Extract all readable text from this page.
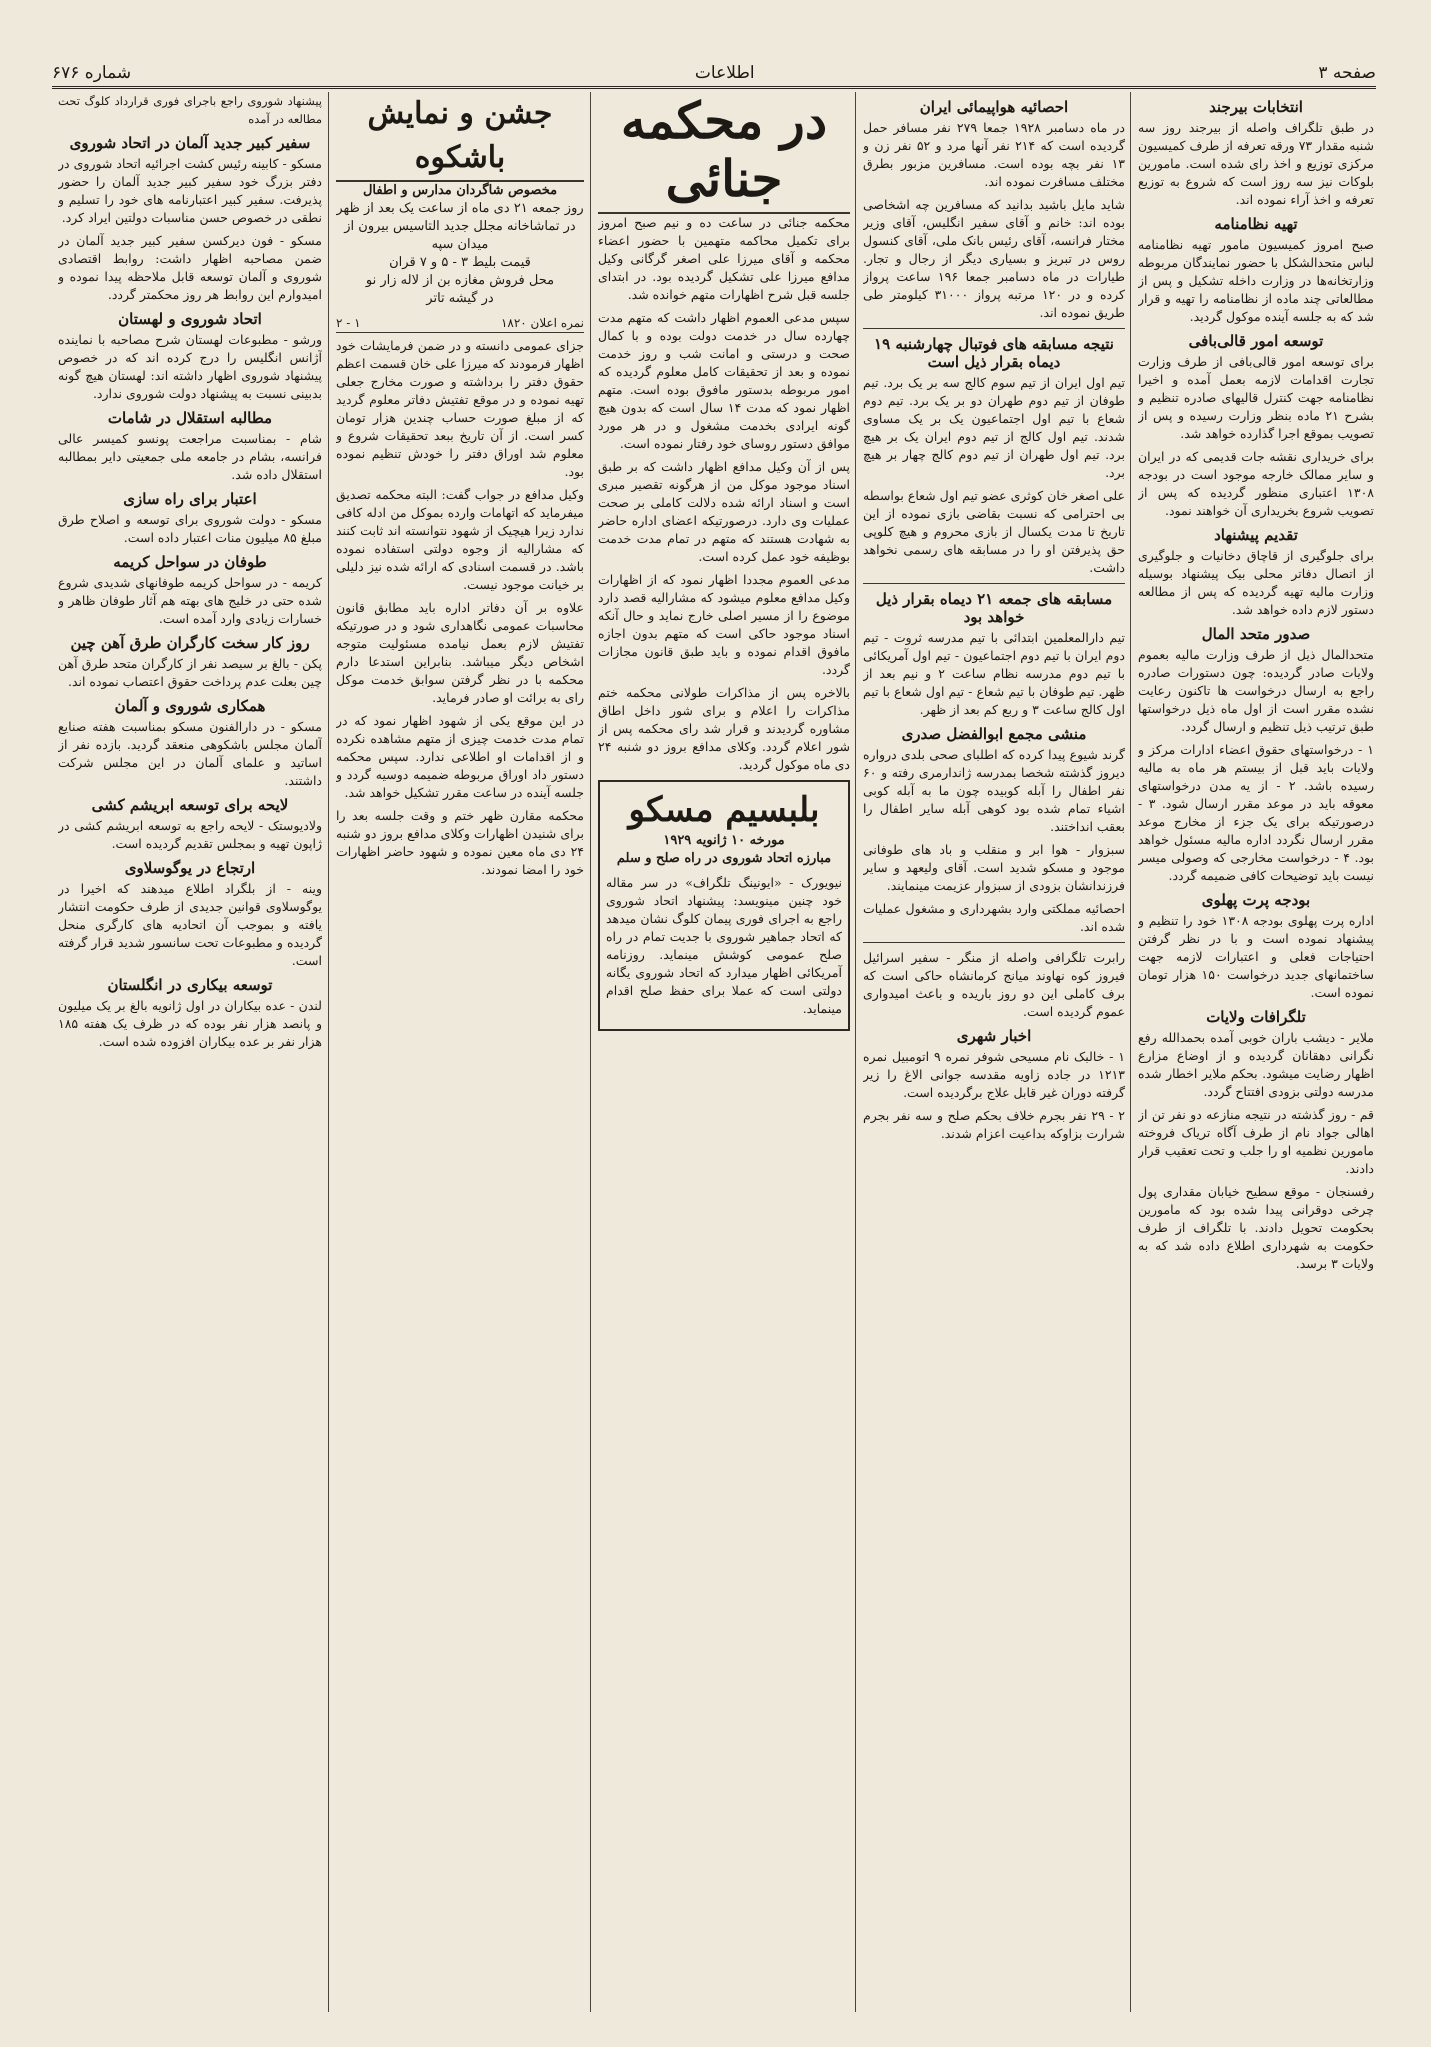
صفحه ۳
اطلاعات
شماره ۶۷۶
انتخابات بیرجند

در طبق تلگراف واصله از بیرجند روز سه شنبه مقدار ۷۳ ورقه تعرفه از طرف کمیسیون مرکزی توزیع و اخذ رای شده است. مامورین بلوکات نیز سه روز است که شروع به توزیع تعرفه و اخذ آراء نموده اند.

تهیه نظامنامه

صبح امروز کمیسیون مامور تهیه نظامنامه لباس متحدالشکل با حضور نمایندگان مربوطه وزارتخانه‌ها در وزارت داخله تشکیل و پس از مطالعاتی چند ماده از نظامنامه را تهیه و قرار شد که به جلسه آینده موکول گردید.

توسعه امور قالی‌بافی

برای توسعه امور قالی‌بافی از طرف وزارت تجارت اقدامات لازمه بعمل آمده و اخیرا نظامنامه جهت کنترل قالیهای صادره تنظیم و بشرح ۲۱ ماده بنظر وزارت رسیده و پس از تصویب بموقع اجرا گذارده خواهد شد.

برای خریداری نقشه جات قدیمی که در ایران و سایر ممالک خارجه موجود است در بودجه ۱۳۰۸ اعتباری منظور گردیده که پس از تصویب شروع بخریداری آن خواهند نمود.

تقدیم پیشنهاد

برای جلوگیری از قاچاق دخانیات و جلوگیری از اتصال دفاتر محلی بیک پیشنهاد بوسیله وزارت مالیه تهیه گردیده که پس از مطالعه دستور لازم داده خواهد شد.

صدور متحد المال

متحدالمال ذیل از طرف وزارت مالیه بعموم ولایات صادر گردیده: چون دستورات صادره راجع به ارسال درخواست ها تاکنون رعایت نشده مقرر است از اول ماه ذیل درخواستها طبق ترتیب ذیل تنظیم و ارسال گردد.

۱ - درخواستهای حقوق اعضاء ادارات مرکز و ولایات باید قبل از بیستم هر ماه به مالیه رسیده باشد. ۲ - از یه مدن درخواستهای معوقه باید در موعد مقرر ارسال شود. ۳ - درصورتیکه برای یک جزء از مخارج موعد مقرر ارسال نگردد اداره مالیه مسئول خواهد بود. ۴ - درخواست مخارجی که وصولی میسر نیست باید توضیحات کافی ضمیمه گردد.

بودجه پرت پهلوی

اداره پرت پهلوی بودجه ۱۳۰۸ خود را تنظیم و پیشنهاد نموده است و با در نظر گرفتن احتیاجات فعلی و اعتبارات لازمه جهت ساختمانهای جدید درخواست ۱۵۰ هزار تومان نموده است.

تلگرافات ولایات

ملایر - دیشب باران خوبی آمده بحمدالله رفع نگرانی دهقانان گردیده و از اوضاع مزارع اظهار رضایت میشود. بحکم ملایر اخطار شده مدرسه دولتی بزودی افتتاح گردد.

قم - روز گذشته در نتیجه منازعه دو نفر تن از اهالی جواد نام از طرف آگاه تریاک فروخته مامورین نظمیه او را جلب و تحت تعقیب قرار دادند.

رفسنجان - موقع سطیح خیابان مقداری پول چرخی دوقرانی پیدا شده بود که مامورین بحکومت تحویل دادند. با تلگراف از طرف حکومت به شهرداری اطلاع داده شد که به ولایات ۳ برسد.

احصائیه هواپیمائی ایران

در ماه دسامبر ۱۹۲۸ جمعا ۲۷۹ نفر مسافر حمل گردیده است که ۲۱۴ نفر آنها مرد و ۵۲ نفر زن و ۱۳ نفر بچه بوده است. مسافرین مزبور بطرق مختلف مسافرت نموده اند.

شاید مایل باشید بدانید که مسافرین چه اشخاصی بوده اند: خانم و آقای سفیر انگلیس، آقای وزیر مختار فرانسه، آقای رئیس بانک ملی، آقای کنسول روس در تبریز و بسیاری دیگر از رجال و تجار. طیارات در ماه دسامبر جمعا ۱۹۶ ساعت پرواز کرده و در ۱۲۰ مرتبه پرواز ۳۱۰۰۰ کیلومتر طی طریق نموده اند.

نتیجه مسابقه های فوتبال چهارشنبه ۱۹ دیماه بقرار ذیل است

تیم اول ایران از تیم سوم کالج سه بر یک برد. تیم طوفان از تیم دوم طهران دو بر یک برد. تیم دوم شعاع با تیم اول اجتماعیون یک بر یک مساوی شدند. تیم اول کالج از تیم دوم ایران یک بر هیچ برد. تیم اول طهران از تیم دوم کالج چهار بر هیچ برد.

علی اصغر خان کوثری عضو تیم اول شعاع بواسطه بی احترامی که نسبت بقاضی بازی نموده از این تاریخ تا مدت یکسال از بازی محروم و هیچ کلوپی حق پذیرفتن او را در مسابقه های رسمی نخواهد داشت.

مسابقه های جمعه ۲۱ دیماه بقرار ذیل خواهد بود

تیم دارالمعلمین ابتدائی با تیم مدرسه ثروت - تیم دوم ایران با تیم دوم اجتماعیون - تیم اول آمریکائی با تیم دوم مدرسه نظام ساعت ۲ و نیم بعد از ظهر. تیم طوفان با تیم شعاع - تیم اول شعاع با تیم اول کالج ساعت ۳ و ربع کم بعد از ظهر.

منشی مجمع ابوالفضل صدری

گرند شیوع پیدا کرده که اطلبای صحی بلدی درواره دیروز گذشته شخصا بمدرسه ژاندارمری رفته و ۶۰ نفر اطفال را آبله کوبیده چون ما به آبله کوبی اشیاء تمام شده بود کوهی آبله سایر اطفال را بعقب انداختند.

سبزوار - هوا ابر و منقلب و باد های طوفانی موجود و مسکو شدید است. آقای ولیعهد و سایر فرزندانشان بزودی از سبزوار عزیمت مینمایند.

احصائیه مملکتی وارد بشهرداری و مشغول عملیات شده اند.

رابرت تلگرافی واصله از منگر - سفیر اسرائیل فیروز کوه نهاوند میانج کرمانشاه حاکی است که برف کاملی این دو روز باریده و باعث امیدواری عموم گردیده است.

اخبار شهری

۱ - خالبک نام مسیحی شوفر نمره ۹ اتومبیل نمره ۱۲۱۳ در جاده زاویه مقدسه جوانی الاغ را زیر گرفته دوران غیر قابل علاج برگردیده است.

۲ - ۲۹ نفر بجرم خلاف بحکم صلح و سه نفر بجرم شرارت بزاوکه بداعیت اعزام شدند.

در محکمه جنائی

محکمه جنائی در ساعت ده و نیم صبح امروز برای تکمیل محاکمه متهمین با حضور اعضاء محکمه و آقای میرزا علی اصغر گرگانی وکیل مدافع میرزا علی تشکیل گردیده بود. در ابتدای جلسه قبل شرح اظهارات متهم خوانده شد.

سپس مدعی العموم اظهار داشت که متهم مدت چهارده سال در خدمت دولت بوده و با کمال صحت و درستی و امانت شب و روز خدمت نموده و بعد از تحقیقات کامل معلوم گردیده که امور مربوطه بدستور مافوق بوده است. متهم اظهار نمود که مدت ۱۴ سال است که بدون هیچ گونه ایرادی بخدمت مشغول و در هر مورد موافق دستور روسای خود رفتار نموده است.

پس از آن وکیل مدافع اظهار داشت که بر طبق اسناد موجود موکل من از هرگونه تقصیر مبری است و اسناد ارائه شده دلالت کاملی بر صحت عملیات وی دارد. درصورتیکه اعضای اداره حاضر به شهادت هستند که متهم در تمام مدت خدمت بوظیفه خود عمل کرده است.

مدعی العموم مجددا اظهار نمود که از اظهارات وکیل مدافع معلوم میشود که مشارالیه قصد دارد موضوع را از مسیر اصلی خارج نماید و حال آنکه اسناد موجود حاکی است که متهم بدون اجازه مافوق اقدام نموده و باید طبق قانون مجازات گردد.

بالاخره پس از مذاکرات طولانی محکمه ختم مذاکرات را اعلام و برای شور داخل اطاق مشاوره گردیدند و قرار شد رای محکمه پس از شور اعلام گردد. وکلای مدافع بروز دو شنبه ۲۴ دی ماه موکول گردید.

بلبسیم مسکو
مورخه ۱۰ ژانویه ۱۹۲۹
مبارزه اتحاد شوروی در راه صلح و سلم

نیویورک - «ایونینگ تلگراف» در سر مقاله خود چنین مینویسد: پیشنهاد اتحاد شوروی راجع به اجرای فوری پیمان کلوگ نشان میدهد که اتحاد جماهیر شوروی با جدیت تمام در راه صلح عمومی کوشش مینماید. روزنامه آمریکائی اظهار میدارد که اتحاد شوروی یگانه دولتی است که عملا برای حفظ صلح اقدام مینماید.

جشن و نمایش باشکوه
مخصوص شاگردان مدارس و اطفال
روز جمعه ۲۱ دی ماه از ساعت یک بعد از ظهر
در تماشاخانه مجلل جدید التاسیس بیرون از میدان سپه
قیمت بلیط ۳ - ۵ و ۷ قران
محل فروش مغازه بن از لاله زار نو
در گیشه تاتر
نمره اعلان ۱۸۲۰
۱ - ۲

جزای عمومی دانسته و در ضمن فرمایشات خود اظهار فرمودند که میرزا علی خان قسمت اعظم حقوق دفتر را برداشته و صورت مخارج جعلی تهیه نموده و در موقع تفتیش دفاتر معلوم گردید که از مبلغ صورت حساب چندین هزار تومان کسر است. از آن تاریخ ببعد تحقیقات شروع و معلوم شد اوراق دفتر را خودش تنظیم نموده بود.

وکیل مدافع در جواب گفت: البته محکمه تصدیق میفرماید که اتهامات وارده بموکل من ادله کافی ندارد زیرا هیچیک از شهود نتوانسته اند ثابت کنند که مشارالیه از وجوه دولتی استفاده نموده باشد. در قسمت اسنادی که ارائه شده نیز دلیلی بر خیانت موجود نیست.

علاوه بر آن دفاتر اداره باید مطابق قانون محاسبات عمومی نگاهداری شود و در صورتیکه تفتیش لازم بعمل نیامده مسئولیت متوجه اشخاص دیگر میباشد. بنابراین استدعا دارم محکمه با در نظر گرفتن سوابق خدمت موکل رای به برائت او صادر فرماید.

در این موقع یکی از شهود اظهار نمود که در تمام مدت خدمت چیزی از متهم مشاهده نکرده و از اقدامات او اطلاعی ندارد. سپس محکمه دستور داد اوراق مربوطه ضمیمه دوسیه گردد و جلسه آینده در ساعت مقرر تشکیل خواهد شد.

محکمه مقارن ظهر ختم و وقت جلسه بعد را برای شنیدن اظهارات وکلای مدافع بروز دو شنبه ۲۴ دی ماه معین نموده و شهود حاضر اظهارات خود را امضا نمودند.

پیشنهاد شوروی راجع باجرای فوری قرارداد کلوگ تحت مطالعه در آمده

سفیر کبیر جدید آلمان در اتحاد شوروی

مسکو - کابینه رئیس کشت اجرائیه اتحاد شوروی در دفتر بزرگ خود سفیر کبیر جدید آلمان را حضور پذیرفت. سفیر کبیر اعتبارنامه های خود را تسلیم و نطقی در خصوص حسن مناسبات دولتین ایراد کرد.

مسکو - فون دیرکسن سفیر کبیر جدید آلمان در ضمن مصاحبه اظهار داشت: روابط اقتصادی شوروی و آلمان توسعه قابل ملاحظه پیدا نموده و امیدوارم این روابط هر روز محکمتر گردد.

اتحاد شوروی و لهستان

ورشو - مطبوعات لهستان شرح مصاحبه با نماینده آژانس انگلیس را درج کرده اند که در خصوص پیشنهاد شوروی اظهار داشته اند: لهستان هیچ گونه بدبینی نسبت به پیشنهاد دولت شوروی ندارد.

مطالبه استقلال در شامات

شام - بمناسبت مراجعت پونسو کمیسر عالی فرانسه، بشام در جامعه ملی جمعیتی دایر بمطالبه استقلال داده شد.

اعتبار برای راه سازی

مسکو - دولت شوروی برای توسعه و اصلاح طرق مبلغ ۸۵ میلیون منات اعتبار داده است.

طوفان در سواحل کریمه

کریمه - در سواحل کریمه طوفانهای شدیدی شروع شده حتی در خلیج های بهته هم آثار طوفان ظاهر و خسارات زیادی وارد آمده است.

روز کار سخت کارگران طرق آهن چین

پکن - بالغ بر سیصد نفر از کارگران متحد طرق آهن چین بعلت عدم پرداخت حقوق اعتصاب نموده اند.

همکاری شوروی و آلمان

مسکو - در دارالفنون مسکو بمناسبت هفته صنایع آلمان مجلس باشکوهی منعقد گردید. بازده نفر از اساتید و علمای آلمان در این مجلس شرکت داشتند.

لایحه برای توسعه ابریشم کشی

ولادیوستک - لایحه راجع به توسعه ابریشم کشی در ژاپون تهیه و بمجلس تقدیم گردیده است.

ارتجاع در یوگوسلاوی

وینه - از بلگراد اطلاع میدهند که اخیرا در یوگوسلاوی قوانین جدیدی از طرف حکومت انتشار یافته و بموجب آن اتحادیه های کارگری منحل گردیده و مطبوعات تحت سانسور شدید قرار گرفته است.

توسعه بیکاری در انگلستان

لندن - عده بیکاران در اول ژانویه بالغ بر یک میلیون و پانصد هزار نفر بوده که در ظرف یک هفته ۱۸۵ هزار نفر بر عده بیکاران افزوده شده است.
